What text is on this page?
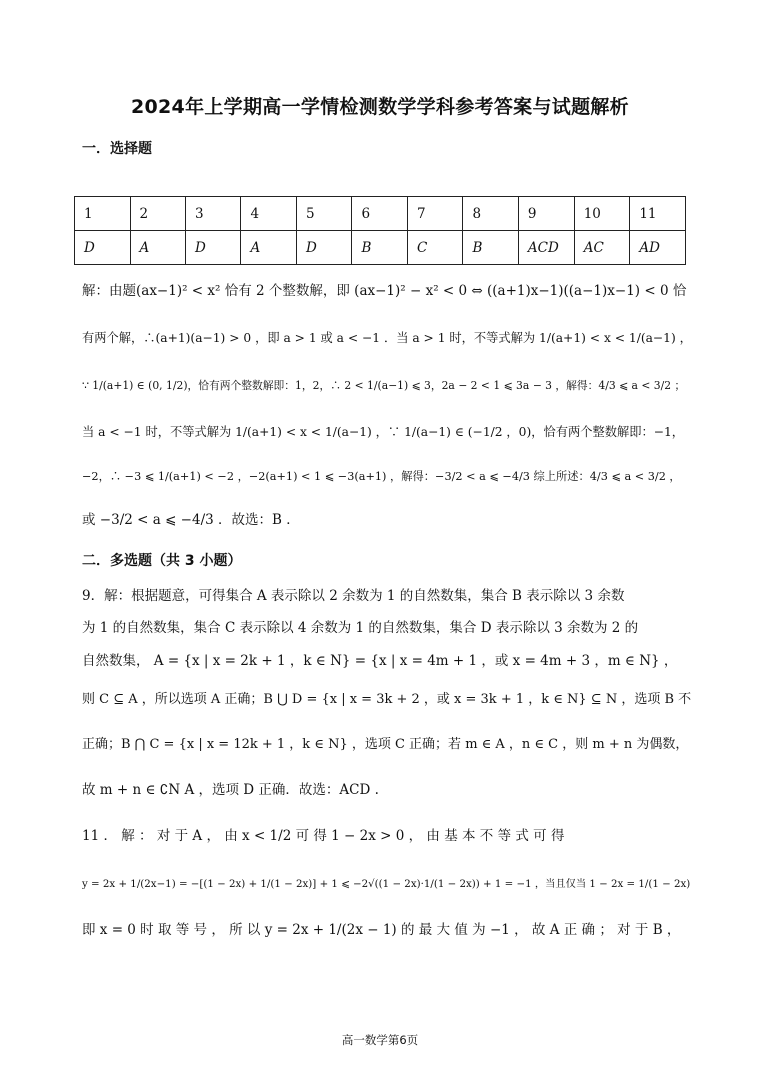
2024年上学期高一学情检测数学学科参考答案与试题解析
一．选择题
1	2	3	4	5	6	7	8	9	10	11
D	A	D	A	D	B	C	B	ACD	AC	AD
解：由题(ax−1)² < x² 恰有 2 个整数解，即 (ax−1)² − x² < 0 ⇔ ((a+1)x−1)((a−1)x−1) < 0 恰
有两个解，∴(a+1)(a−1) > 0 ，即 a > 1 或 a < −1 ．当 a > 1 时，不等式解为 1/(a+1) < x < 1/(a−1) ，
∵ 1/(a+1) ∈ (0, 1/2)，恰有两个整数解即：1，2，∴ 2 < 1/(a−1) ⩽ 3，2a − 2 < 1 ⩽ 3a − 3 ，解得：4/3 ⩽ a < 3/2 ；
当 a < −1 时，不等式解为 1/(a+1) < x < 1/(a−1) ，∵ 1/(a−1) ∈ (−1/2 ，0)，恰有两个整数解即：−1，
−2，∴ −3 ⩽ 1/(a+1) < −2 ，−2(a+1) < 1 ⩽ −3(a+1) ，解得：−3/2 < a ⩽ −4/3 综上所述：4/3 ⩽ a < 3/2 ，
或 −3/2 < a ⩽ −4/3 ．故选：B ．
二．多选题（共 3 小题）
9．解：根据题意，可得集合 A 表示除以 2 余数为 1 的自然数集，集合 B 表示除以 3 余数
为 1 的自然数集，集合 C 表示除以 4 余数为 1 的自然数集，集合 D 表示除以 3 余数为 2 的
自然数集， A = {x | x = 2k + 1 ，k ∈ N} = {x | x = 4m + 1 ，或 x = 4m + 3 ，m ∈ N} ，
则 C ⊆ A ，所以选项 A 正确；B ⋃ D = {x | x = 3k + 2 ，或 x = 3k + 1 ，k ∈ N} ⊆ N ，选项 B 不
正确；B ⋂ C = {x | x = 12k + 1 ，k ∈ N} ，选项 C 正确；若 m ∈ A ，n ∈ C ，则 m + n 为偶数，
故 m + n ∈ ∁N A ，选项 D 正确．故选：ACD .
11 ． 解 ： 对 于 A ， 由 x < 1/2 可 得 1 − 2x > 0 ， 由 基 本 不 等 式 可 得
y = 2x + 1/(2x−1) = −[(1 − 2x) + 1/(1 − 2x)] + 1 ⩽ −2√((1 − 2x)·1/(1 − 2x)) + 1 = −1 ，当且仅当 1 − 2x = 1/(1 − 2x)
即 x = 0 时 取 等 号 ， 所 以 y = 2x + 1/(2x − 1) 的 最 大 值 为 −1 ， 故 A 正 确 ； 对 于 B ，
高一数学第6页
